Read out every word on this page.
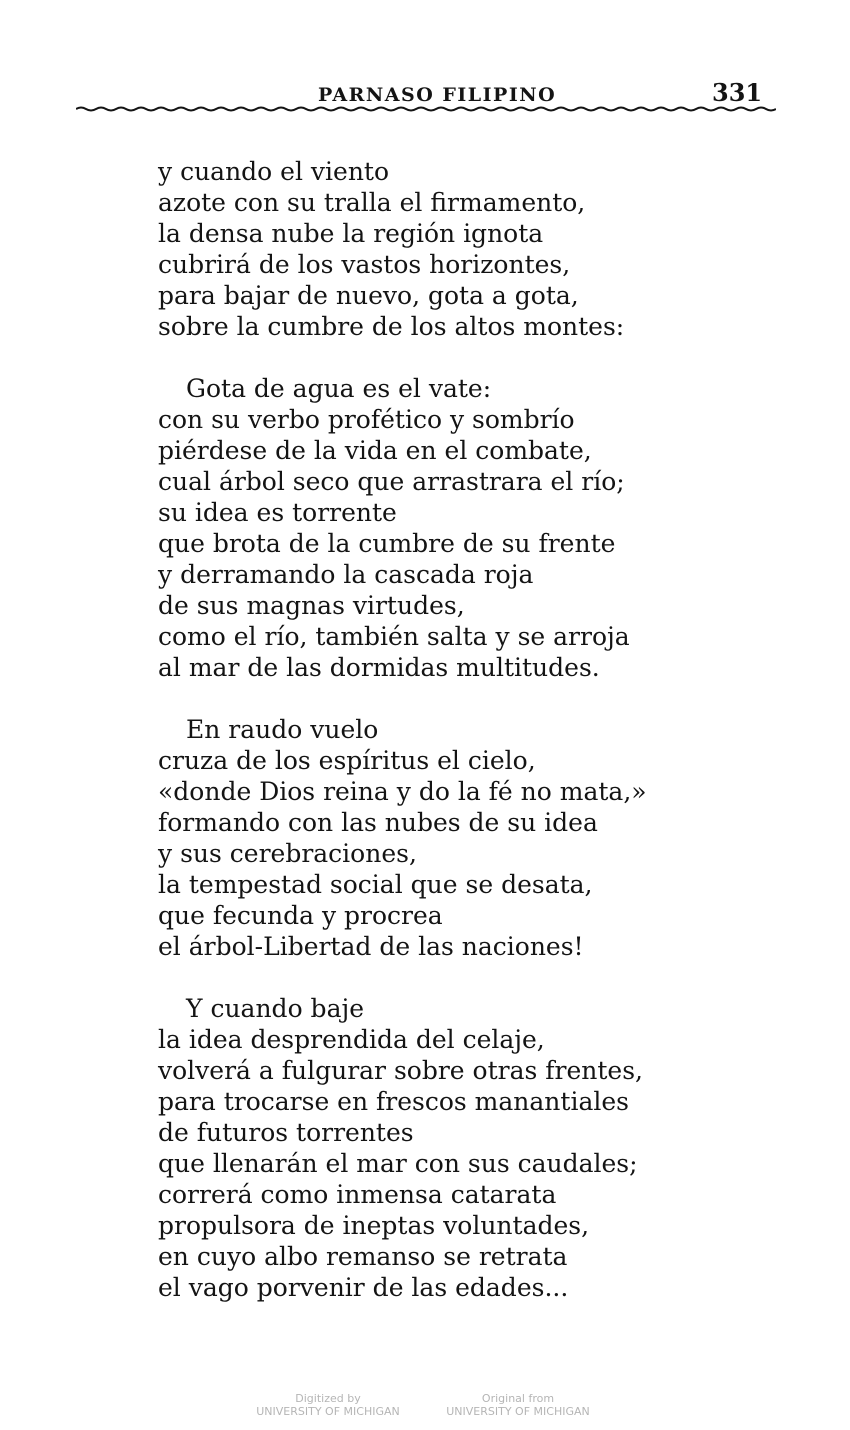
PARNASO FILIPINO	331
y cuando el viento
azote con su tralla el firmamento,
la densa nube la región ignota
cubrirá de los vastos horizontes,
para bajar de nuevo, gota a gota,
sobre la cumbre de los altos montes:
Gota de agua es el vate:
con su verbo profético y sombrío
piérdese de la vida en el combate,
cual árbol seco que arrastrara el río;
su idea es torrente
que brota de la cumbre de su frente
y derramando la cascada roja
de sus magnas virtudes,
como el río, también salta y se arroja
al mar de las dormidas multitudes.
En raudo vuelo
cruza de los espíritus el cielo,
«donde Dios reina y do la fé no mata,»
formando con las nubes de su idea
y sus cerebraciones,
la tempestad social que se desata,
que fecunda y procrea
el árbol-Libertad de las naciones!
Y cuando baje
la idea desprendida del celaje,
volverá a fulgurar sobre otras frentes,
para trocarse en frescos manantiales
de futuros torrentes
que llenarán el mar con sus caudales;
correrá como inmensa catarata
propulsora de ineptas voluntades,
en cuyo albo remanso se retrata
el vago porvenir de las edades...
Digitized by
UNIVERSITY OF MICHIGAN
Original from
UNIVERSITY OF MICHIGAN
